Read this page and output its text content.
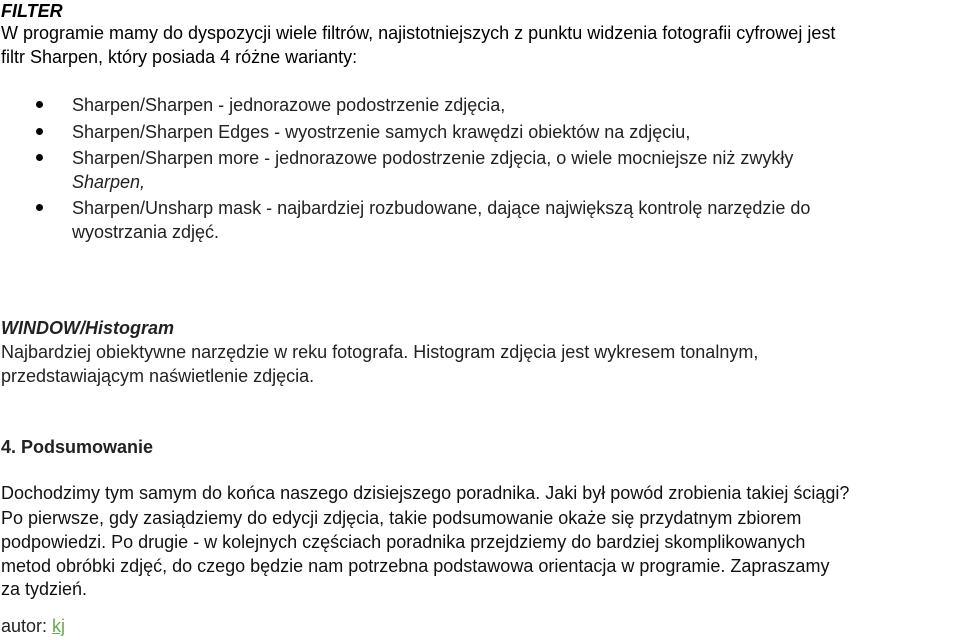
FILTER
W programie mamy do dyspozycji wiele filtrów, najistotniejszych z punktu widzenia fotografii cyfrowej jest
filtr Sharpen, który posiada 4 różne warianty:
Sharpen/Sharpen - jednorazowe podostrzenie zdjęcia,
Sharpen/Sharpen Edges - wyostrzenie samych krawędzi obiektów na zdjęciu,
Sharpen/Sharpen more - jednorazowe podostrzenie zdjęcia, o wiele mocniejsze niż zwykły
Sharpen,
Sharpen/Unsharp mask - najbardziej rozbudowane, dające największą kontrolę narzędzie do
wyostrzania zdjęć.
WINDOW/Histogram
Najbardziej obiektywne narzędzie w reku fotografa. Histogram zdjęcia jest wykresem tonalnym,
przedstawiającym naświetlenie zdjęcia.
4. Podsumowanie
Dochodzimy tym samym do końca naszego dzisiejszego poradnika. Jaki był powód zrobienia takiej ściągi?
Po pierwsze, gdy zasiądziemy do edycji zdjęcia, takie podsumowanie okaże się przydatnym zbiorem
podpowiedzi. Po drugie - w kolejnych częściach poradnika przejdziemy do bardziej skomplikowanych
metod obróbki zdjęć, do czego będzie nam potrzebna podstawowa orientacja w programie. Zapraszamy
za tydzień.
autor: kj
